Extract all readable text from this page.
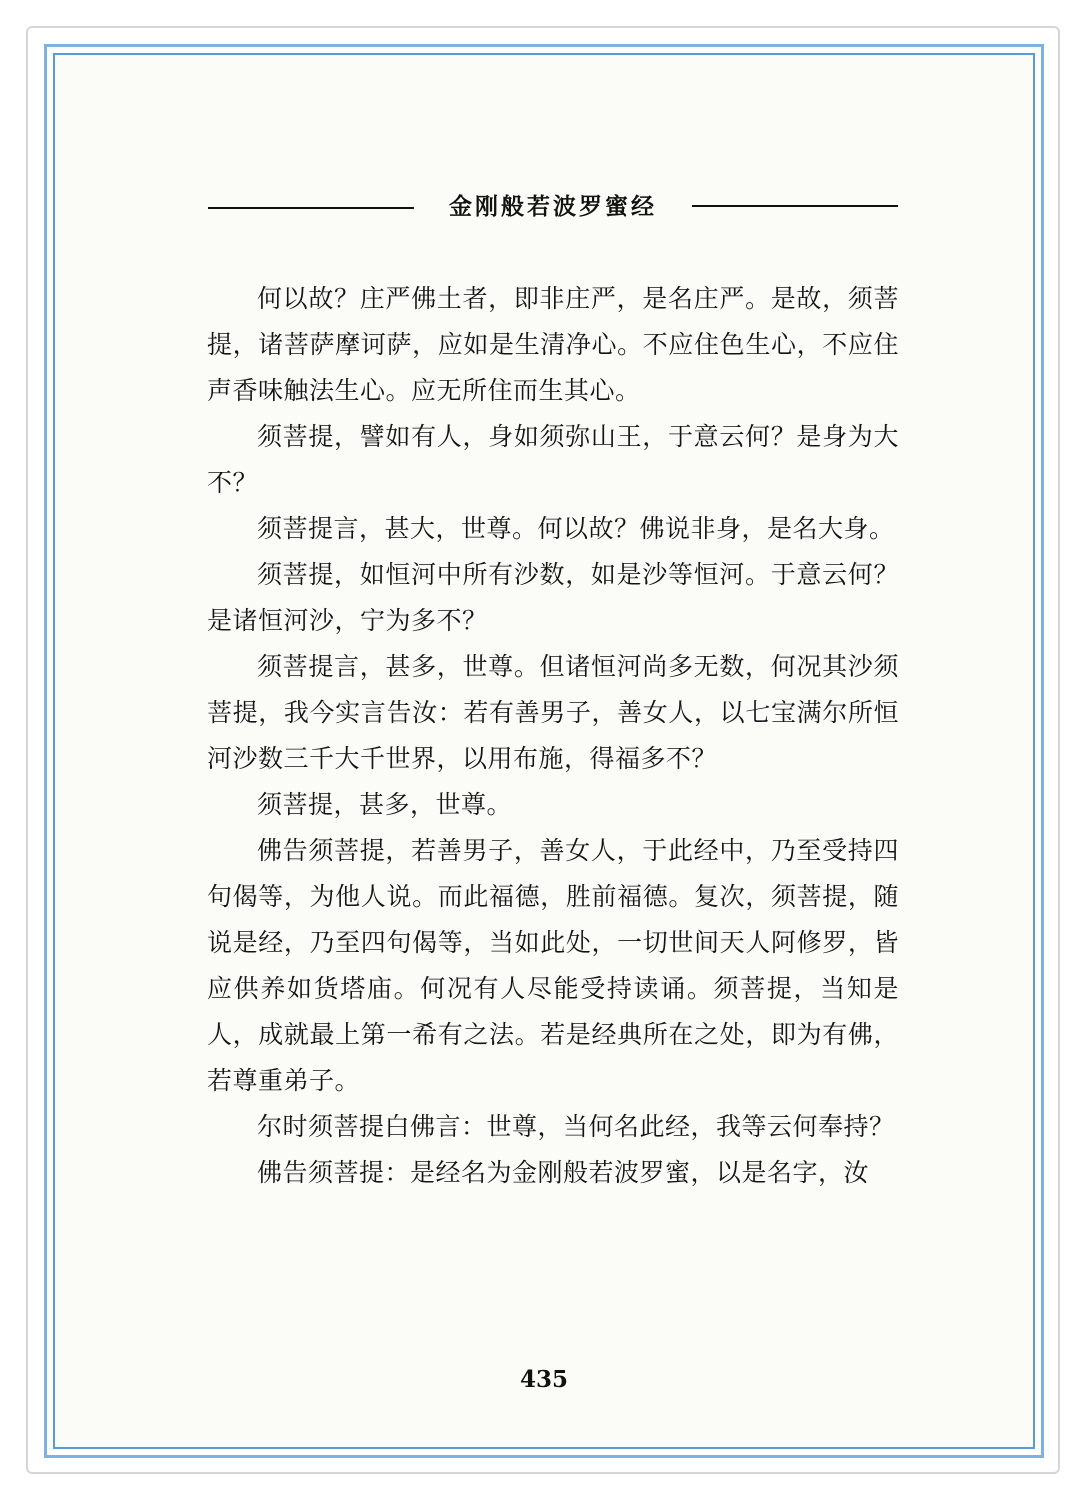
金刚般若波罗蜜经

何以故？庄严佛土者，即非庄严，是名庄严。是故，须菩提，诸菩萨摩诃萨，应如是生清净心。不应住色生心，不应住声香味触法生心。应无所住而生其心。

须菩提，譬如有人，身如须弥山王，于意云何？是身为大不？

须菩提言，甚大，世尊。何以故？佛说非身，是名大身。

须菩提，如恒河中所有沙数，如是沙等恒河。于意云何？是诸恒河沙，宁为多不？

须菩提言，甚多，世尊。但诸恒河尚多无数，何况其沙须菩提，我今实言告汝：若有善男子，善女人，以七宝满尔所恒河沙数三千大千世界，以用布施，得福多不？

须菩提，甚多，世尊。

佛告须菩提，若善男子，善女人，于此经中，乃至受持四句偈等，为他人说。而此福德，胜前福德。复次，须菩提，随说是经，乃至四句偈等，当如此处，一切世间天人阿修罗，皆应供养如货塔庙。何况有人尽能受持读诵。须菩提，当知是人，成就最上第一希有之法。若是经典所在之处，即为有佛，若尊重弟子。

尔时须菩提白佛言：世尊，当何名此经，我等云何奉持？

佛告须菩提：是经名为金刚般若波罗蜜，以是名字，汝

435
